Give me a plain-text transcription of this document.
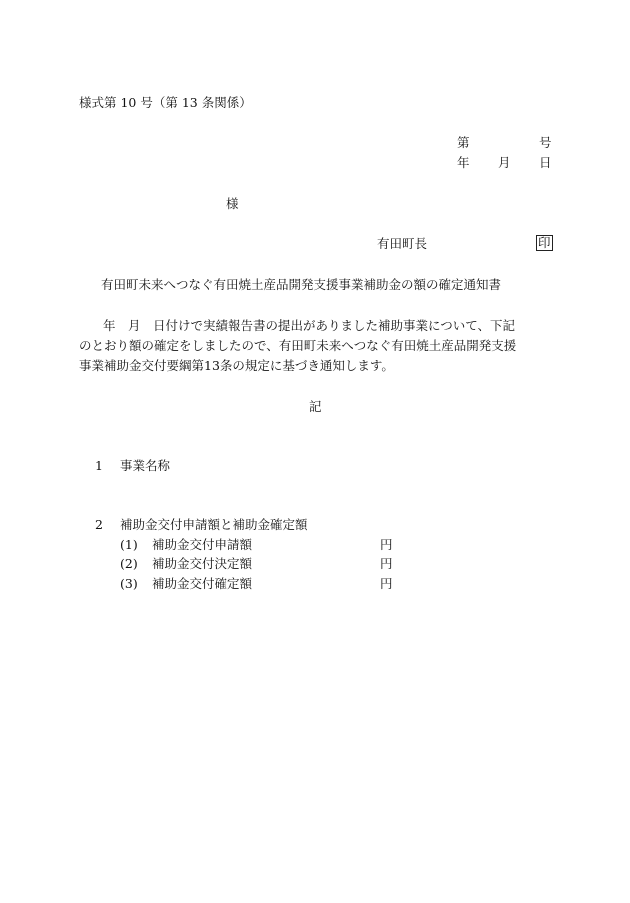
様式第 10 号（第 13 条関係）
第	号
年 月 日
様
有田町長	印
有田町未来へつなぐ有田焼土産品開発支援事業補助金の額の確定通知書
年　月　日付けで実績報告書の提出がありました補助事業について、下記
のとおり額の確定をしましたので、有田町未来へつなぐ有田焼土産品開発支援
事業補助金交付要綱第13条の規定に基づき通知します。
記
1 事業名称
2 補助金交付申請額と補助金確定額
(1) 補助金交付申請額	円
(2) 補助金交付決定額	円
(3) 補助金交付確定額	円
